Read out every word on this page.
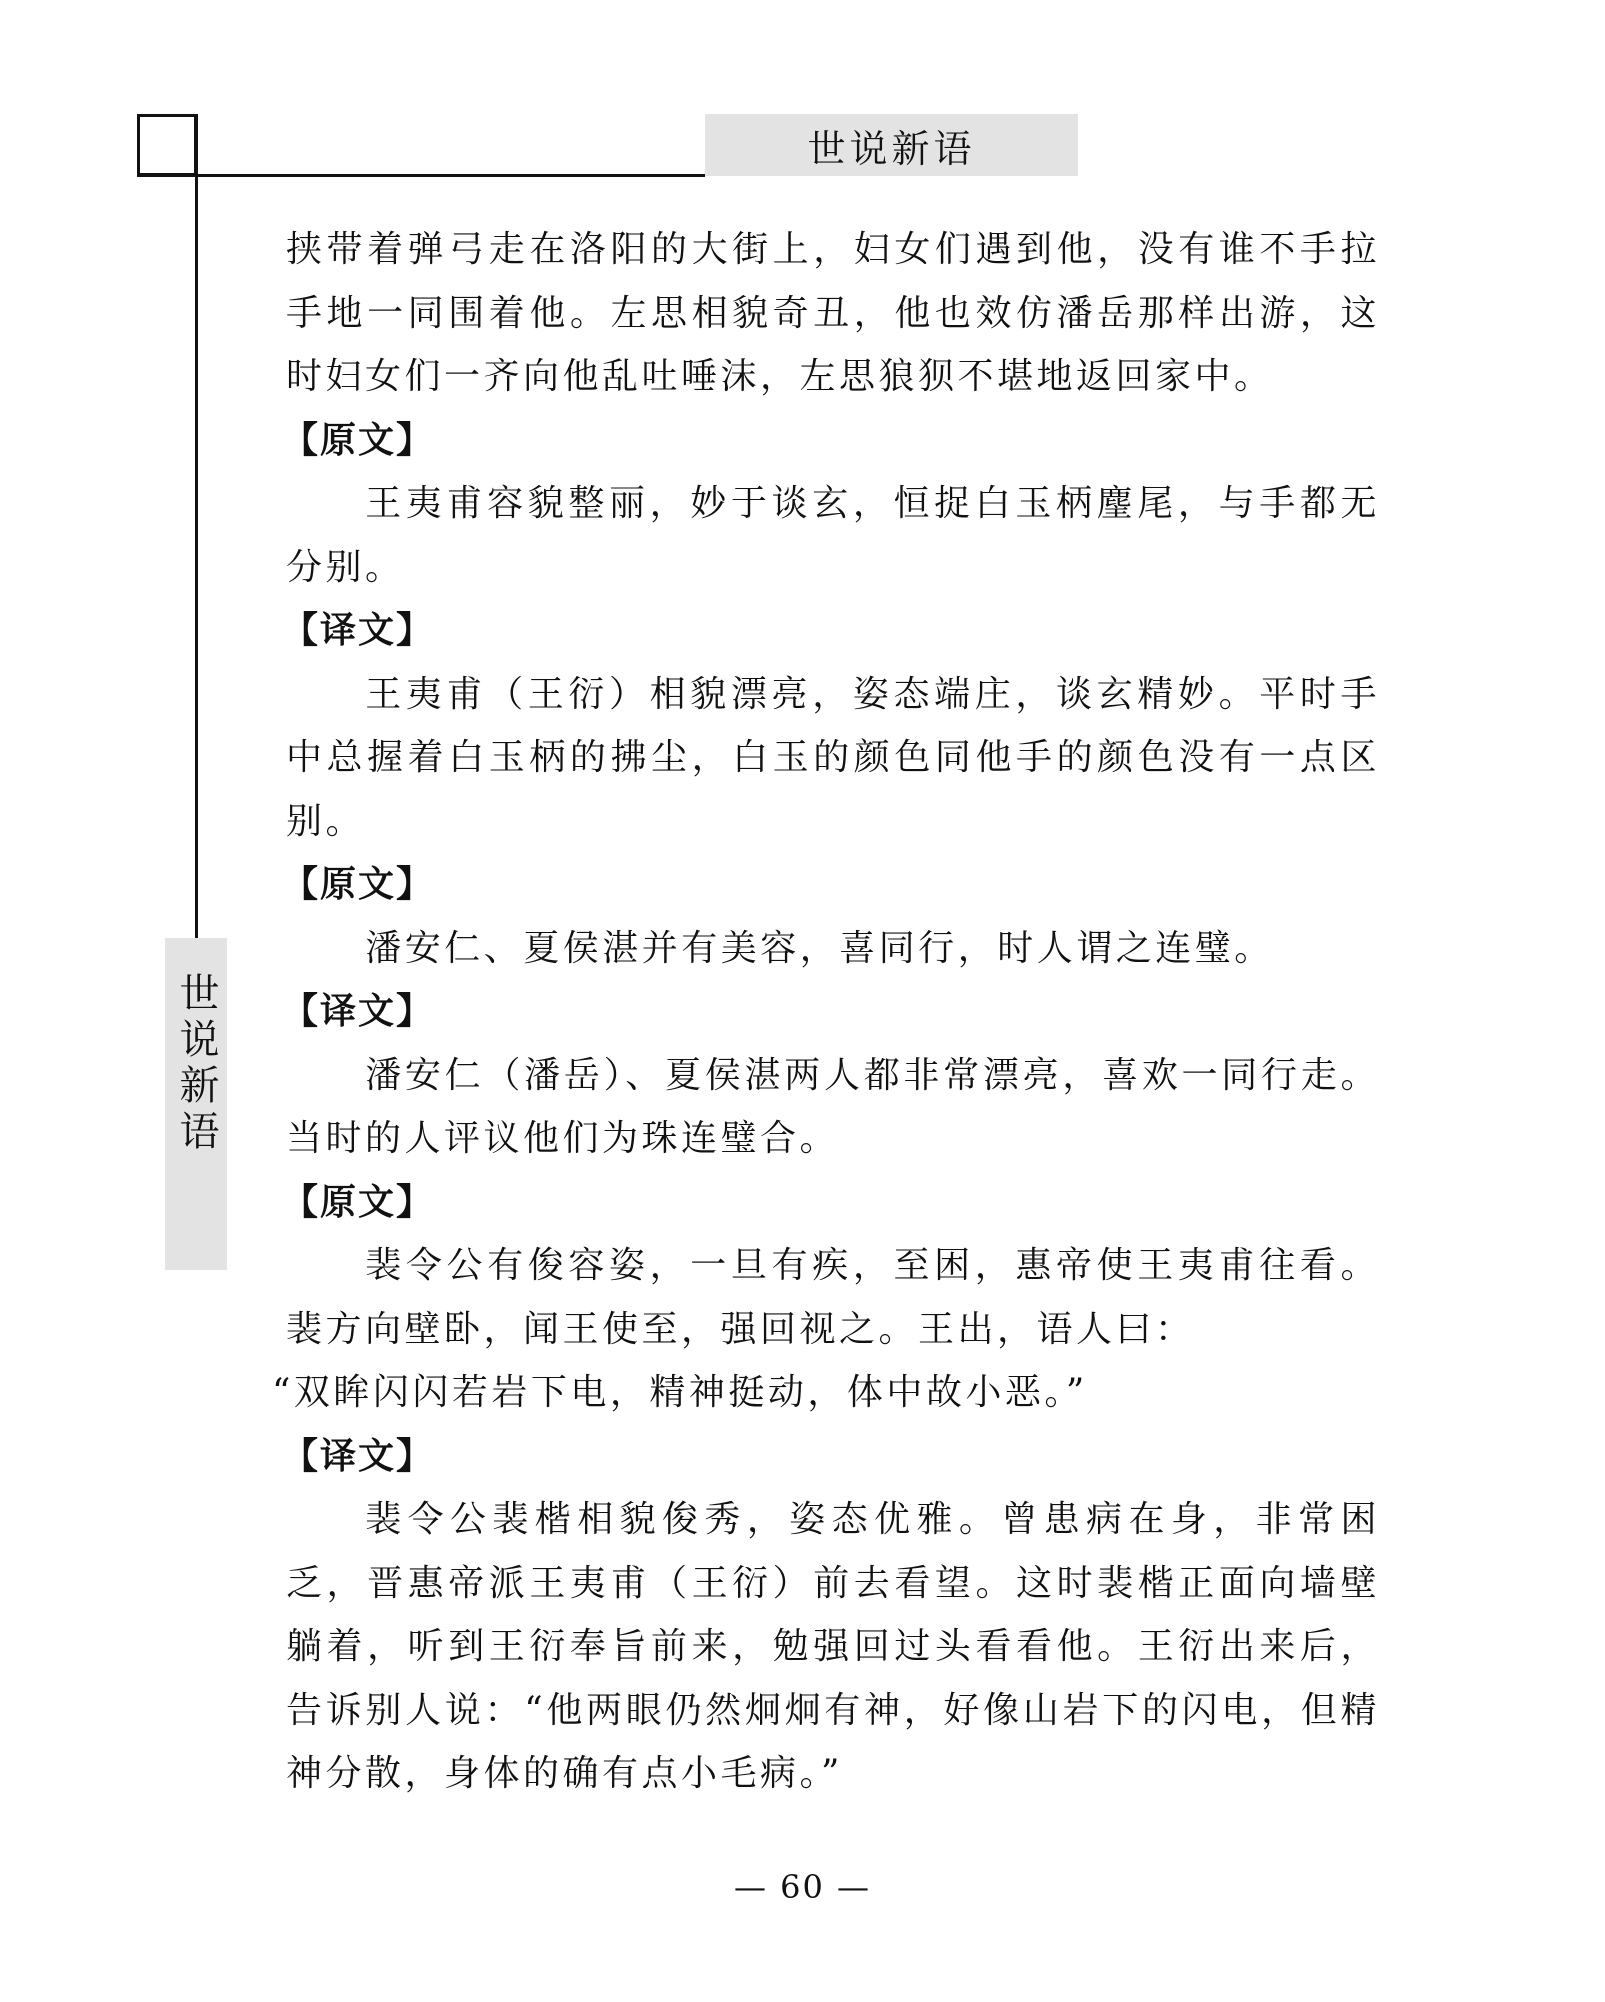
世说新语
世说新语

挟带着弹弓走在洛阳的大街上，妇女们遇到他，没有谁不手拉手地一同围着他。左思相貌奇丑，他也效仿潘岳那样出游，这时妇女们一齐向他乱吐唾沫，左思狼狈不堪地返回家中。

【原文】

王夷甫容貌整丽，妙于谈玄，恒捉白玉柄麈尾，与手都无分别。

【译文】

王夷甫（王衍）相貌漂亮，姿态端庄，谈玄精妙。平时手中总握着白玉柄的拂尘，白玉的颜色同他手的颜色没有一点区别。

【原文】

潘安仁、夏侯湛并有美容，喜同行，时人谓之连璧。

【译文】

潘安仁（潘岳）、夏侯湛两人都非常漂亮，喜欢一同行走。当时的人评议他们为珠连璧合。

【原文】

裴令公有俊容姿，一旦有疾，至困，惠帝使王夷甫往看。裴方向壁卧，闻王使至，强回视之。王出，语人曰：

“双眸闪闪若岩下电，精神挺动，体中故小恶。”

【译文】

裴令公裴楷相貌俊秀，姿态优雅。曾患病在身，非常困乏，晋惠帝派王夷甫（王衍）前去看望。这时裴楷正面向墙壁躺着，听到王衍奉旨前来，勉强回过头看看他。王衍出来后，告诉别人说：“他两眼仍然炯炯有神，好像山岩下的闪电，但精神分散，身体的确有点小毛病。”

— 60 —
